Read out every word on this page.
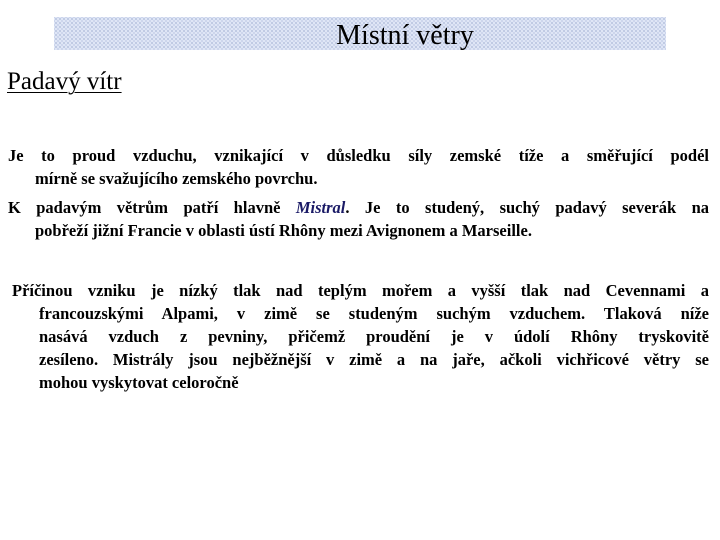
Místní větry
Padavý vítr

Je to proud vzduchu, vznikající v důsledku síly zemské tíže a směřující podél
mírně se svažujícího zemského povrchu.

K padavým větrům patří hlavně Mistral. Je to studený, suchý padavý severák na
pobřeží jižní Francie v oblasti ústí Rhôny mezi Avignonem a Marseille.

Příčinou vzniku je nízký tlak nad teplým mořem a vyšší tlak nad Cevennami a
francouzskými Alpami, v zimě se studeným suchým vzduchem. Tlaková níže
nasává vzduch z pevniny, přičemž proudění je v údolí Rhôny tryskovitě
zesíleno. Mistrály jsou nejběžnější v zimě a na jaře, ačkoli vichřicové větry se
mohou vyskytovat celoročně
